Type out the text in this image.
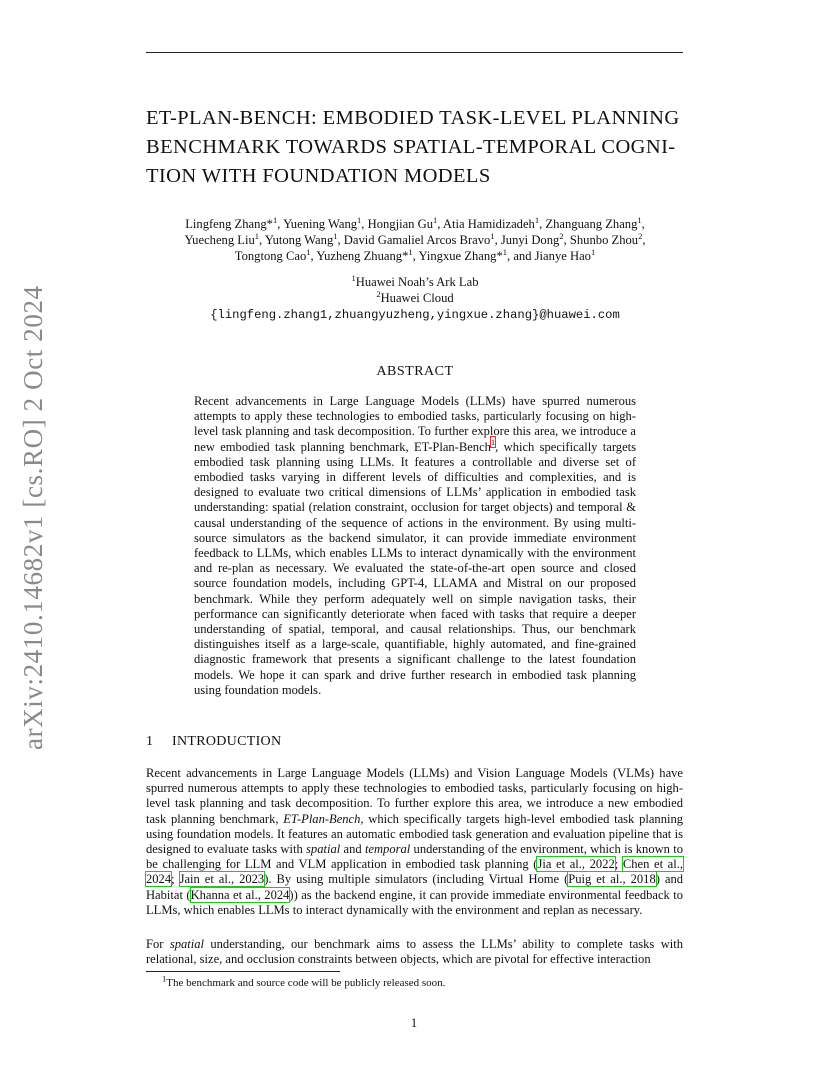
arXiv:2410.14682v1 [cs.RO] 2 Oct 2024
ET-PLAN-BENCH: EMBODIED TASK-LEVEL PLANNING
BENCHMARK TOWARDS SPATIAL-TEMPORAL COGNI-
TION WITH FOUNDATION MODELS
Lingfeng Zhang*$^1$, Yuening Wang$^1$, Hongjian Gu$^1$, Atia Hamidizadeh$^1$, Zhanguang Zhang$^1$,
Yuecheng Liu$^1$, Yutong Wang$^1$, David Gamaliel Arcos Bravo$^1$, Junyi Dong$^2$, Shunbo Zhou$^2$,
Tongtong Cao$^1$, Yuzheng Zhuang*$^1$, Yingxue Zhang*$^1$, and Jianye Hao$^1$
$^1$Huawei Noah’s Ark Lab
$^2$Huawei Cloud
{lingfeng.zhang1,zhuangyuzheng,yingxue.zhang}@huawei.com
ABSTRACT

Recent advancements in Large Language Models (LLMs) have spurred numerous attempts to apply these technologies to embodied tasks, particularly focusing on high-level task planning and task decomposition. To further explore this area, we introduce a new embodied task planning benchmark, ET-Plan-Bench$^1$, which specifically targets embodied task planning using LLMs. It features a controllable and diverse set of embodied tasks varying in different levels of difficulties and complexities, and is designed to evaluate two critical dimensions of LLMs’ application in embodied task understanding: spatial (relation constraint, occlusion for target objects) and temporal & causal understanding of the sequence of actions in the environment. By using multi-source simulators as the backend simulator, it can provide immediate environment feedback to LLMs, which enables LLMs to interact dynamically with the environment and re-plan as necessary. We evaluated the state-of-the-art open source and closed source foundation models, including GPT-4, LLAMA and Mistral on our proposed benchmark. While they perform adequately well on simple navigation tasks, their performance can significantly deteriorate when faced with tasks that require a deeper understanding of spatial, temporal, and causal relationships. Thus, our benchmark distinguishes itself as a large-scale, quantifiable, highly automated, and fine-grained diagnostic framework that presents a significant challenge to the latest foundation models. We hope it can spark and drive further research in embodied task planning using foundation models.

1 INTRODUCTION

Recent advancements in Large Language Models (LLMs) and Vision Language Models (VLMs) have spurred numerous attempts to apply these technologies to embodied tasks, particularly focusing on high-level task planning and task decomposition. To further explore this area, we introduce a new embodied task planning benchmark, ET-Plan-Bench, which specifically targets high-level embodied task planning using foundation models. It features an automatic embodied task generation and evaluation pipeline that is designed to evaluate tasks with spatial and temporal understanding of the environment, which is known to be challenging for LLM and VLM application in embodied task planning (Jia et al., 2022; Chen et al., 2024; Jain et al., 2023). By using multiple simulators (including Virtual Home (Puig et al., 2018) and Habitat (Khanna et al., 2024)) as the backend engine, it can provide immediate environmental feedback to LLMs, which enables LLMs to interact dynamically with the environment and replan as necessary.

For spatial understanding, our benchmark aims to assess the LLMs’ ability to complete tasks with relational, size, and occlusion constraints between objects, which are pivotal for effective interaction

$^1$The benchmark and source code will be publicly released soon.
1
